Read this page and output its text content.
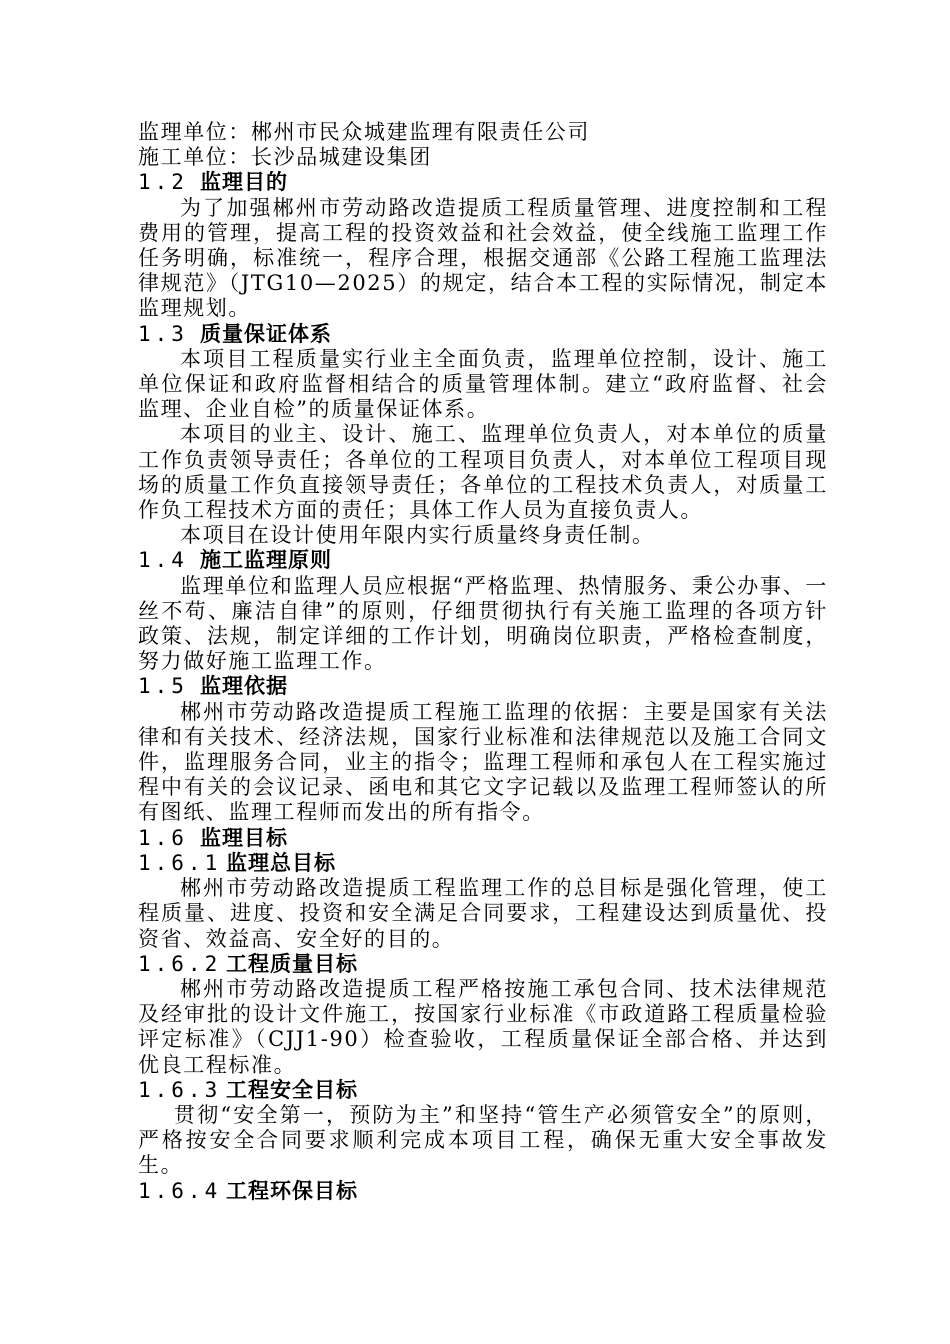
监理单位：郴州市民众城建监理有限责任公司

施工单位：长沙品城建设集团

1.2 监理目的

为了加强郴州市劳动路改造提质工程质量管理、进度控制和工程费用的管理，提高工程的投资效益和社会效益，使全线施工监理工作任务明确，标准统一，程序合理，根据交通部《公路工程施工监理法律规范》（JTG10—2025）的规定，结合本工程的实际情况，制定本监理规划。

1.3 质量保证体系

本项目工程质量实行业主全面负责，监理单位控制，设计、施工单位保证和政府监督相结合的质量管理体制。建立“政府监督、社会监理、企业自检”的质量保证体系。

本项目的业主、设计、施工、监理单位负责人，对本单位的质量工作负责领导责任；各单位的工程项目负责人，对本单位工程项目现场的质量工作负直接领导责任；各单位的工程技术负责人，对质量工作负工程技术方面的责任；具体工作人员为直接负责人。

本项目在设计使用年限内实行质量终身责任制。

1.4 施工监理原则

监理单位和监理人员应根据“严格监理、热情服务、秉公办事、一丝不苟、廉洁自律”的原则，仔细贯彻执行有关施工监理的各项方针政策、法规，制定详细的工作计划，明确岗位职责，严格检查制度，努力做好施工监理工作。

1.5 监理依据

郴州市劳动路改造提质工程施工监理的依据：主要是国家有关法律和有关技术、经济法规，国家行业标准和法律规范以及施工合同文件，监理服务合同，业主的指令；监理工程师和承包人在工程实施过程中有关的会议记录、函电和其它文字记载以及监理工程师签认的所有图纸、监理工程师而发出的所有指令。

1.6 监理目标

1.6.1 监理总目标

郴州市劳动路改造提质工程监理工作的总目标是强化管理，使工程质量、进度、投资和安全满足合同要求，工程建设达到质量优、投资省、效益高、安全好的目的。

1.6.2 工程质量目标

郴州市劳动路改造提质工程严格按施工承包合同、技术法律规范及经审批的设计文件施工，按国家行业标准《市政道路工程质量检验评定标准》（CJJ1-90）检查验收，工程质量保证全部合格、并达到优良工程标准。

1.6.3 工程安全目标

贯彻“安全第一，预防为主”和坚持“管生产必须管安全”的原则，严格按安全合同要求顺利完成本项目工程，确保无重大安全事故发生。

1.6.4 工程环保目标
